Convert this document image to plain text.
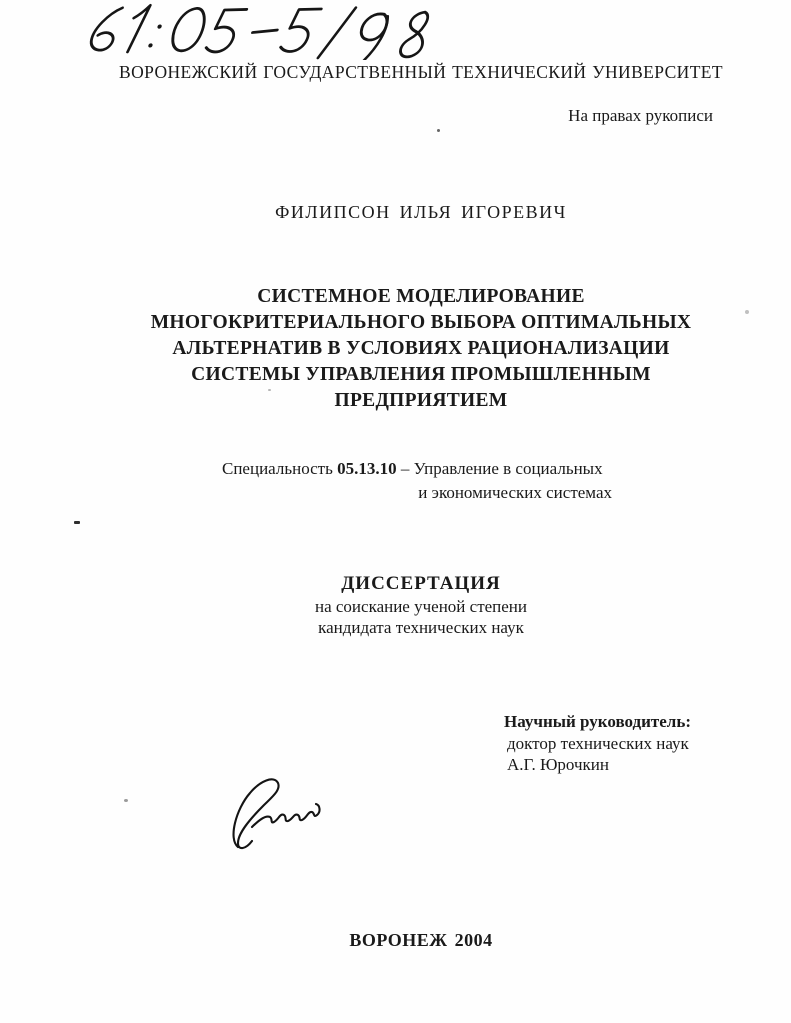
ВОРОНЕЖСКИЙ ГОСУДАРСТВЕННЫЙ ТЕХНИЧЕСКИЙ УНИВЕРСИТЕТ
На правах рукописи
ФИЛИПСОН ИЛЬЯ ИГОРЕВИЧ
СИСТЕМНОЕ МОДЕЛИРОВАНИЕ
МНОГОКРИТЕРИАЛЬНОГО ВЫБОРА ОПТИМАЛЬНЫХ
АЛЬТЕРНАТИВ В УСЛОВИЯХ РАЦИОНАЛИЗАЦИИ
СИСТЕМЫ УПРАВЛЕНИЯ ПРОМЫШЛЕННЫМ
ПРЕДПРИЯТИЕМ
Специальность 05.13.10 – Управление в социальных
и экономических системах
ДИССЕРТАЦИЯ
на соискание ученой степени
кандидата технических наук
Научный руководитель:
доктор технических наук
А.Г. Юрочкин
ВОРОНЕЖ 2004
